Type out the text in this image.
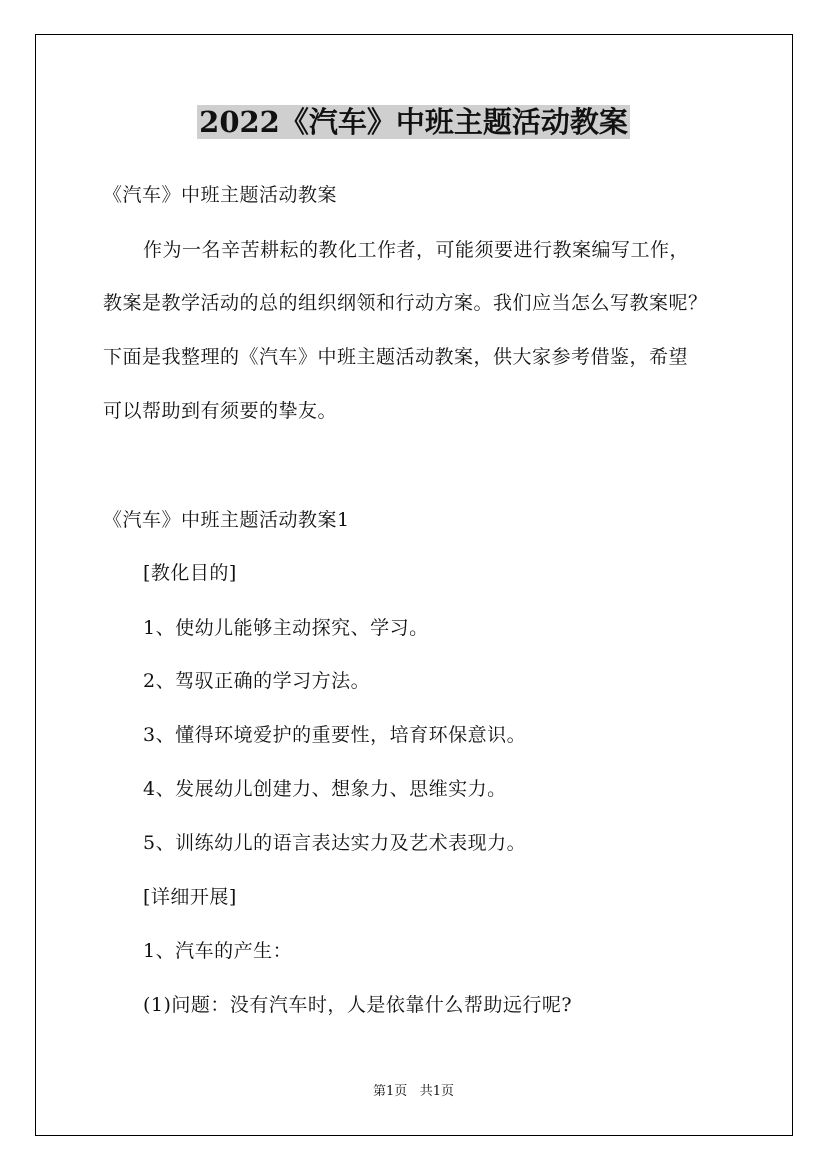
2022《汽车》中班主题活动教案
《汽车》中班主题活动教案
作为一名辛苦耕耘的教化工作者，可能须要进行教案编写工作，
教案是教学活动的总的组织纲领和行动方案。我们应当怎么写教案呢？
下面是我整理的《汽车》中班主题活动教案，供大家参考借鉴，希望
可以帮助到有须要的挚友。
《汽车》中班主题活动教案1
[教化目的]
1、使幼儿能够主动探究、学习。
2、驾驭正确的学习方法。
3、懂得环境爱护的重要性，培育环保意识。
4、发展幼儿创建力、想象力、思维实力。
5、训练幼儿的语言表达实力及艺术表现力。
[详细开展]
1、汽车的产生：
(1)问题：没有汽车时，人是依靠什么帮助远行呢?
第1页 共1页
